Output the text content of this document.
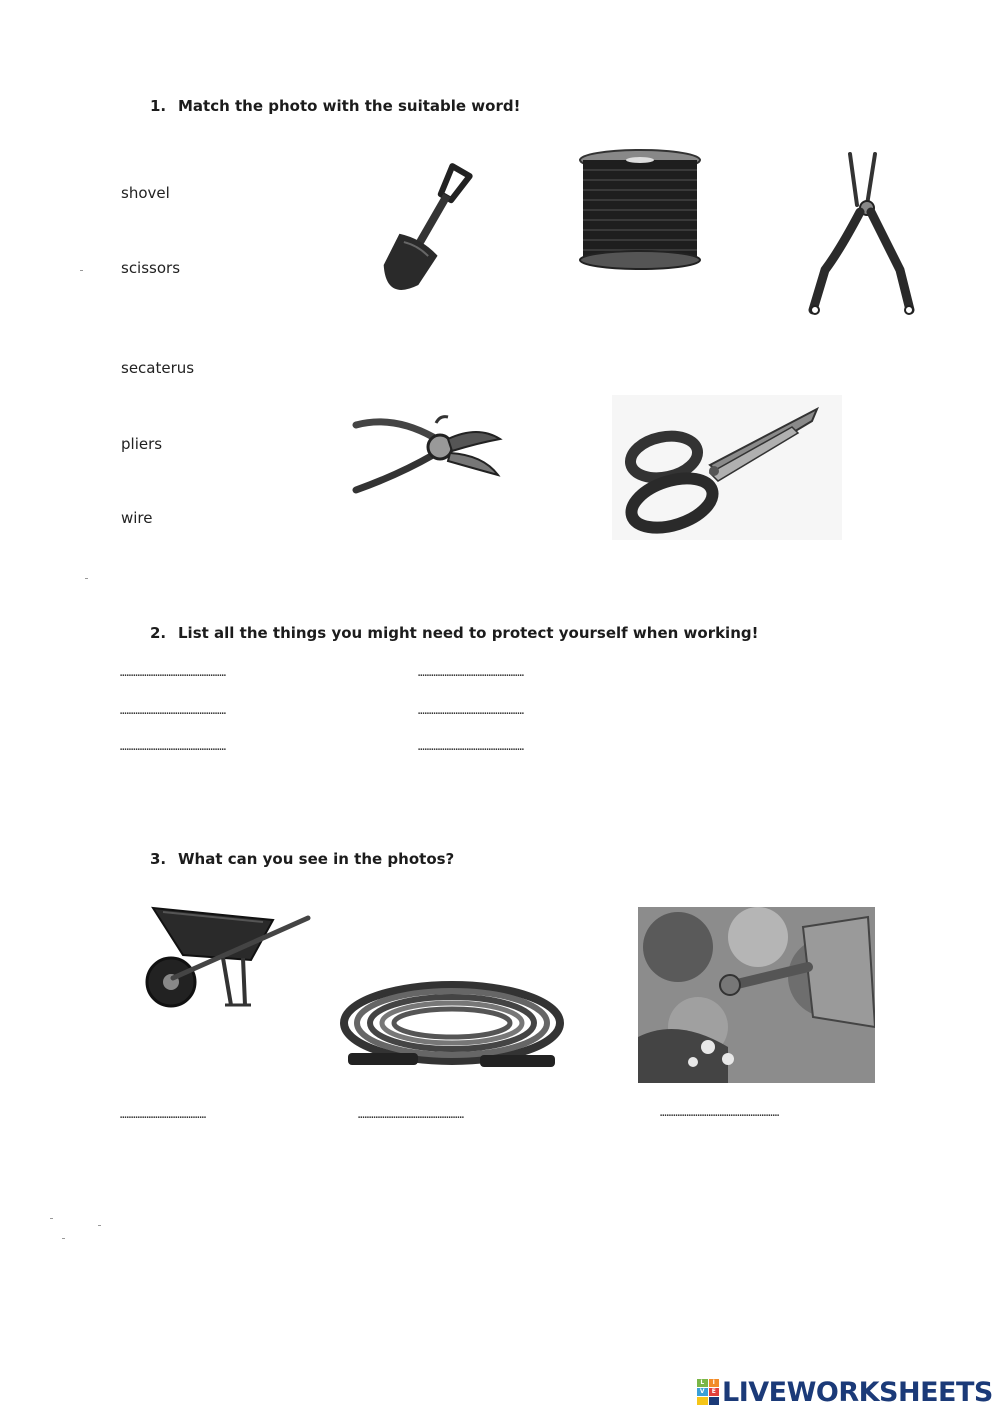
1. Match the photo with the suitable word!
shovel
scissors
secaterus
pliers
wire
2. List all the things you might need to protect yourself when working!
…………………………………………	…………………………………………
…………………………………………	…………………………………………
…………………………………………	…………………………………………
3. What can you see in the photos?
…………………………………	…………………………………………	………………………………………………
L	I
V	E LIVEWORKSHEETS
